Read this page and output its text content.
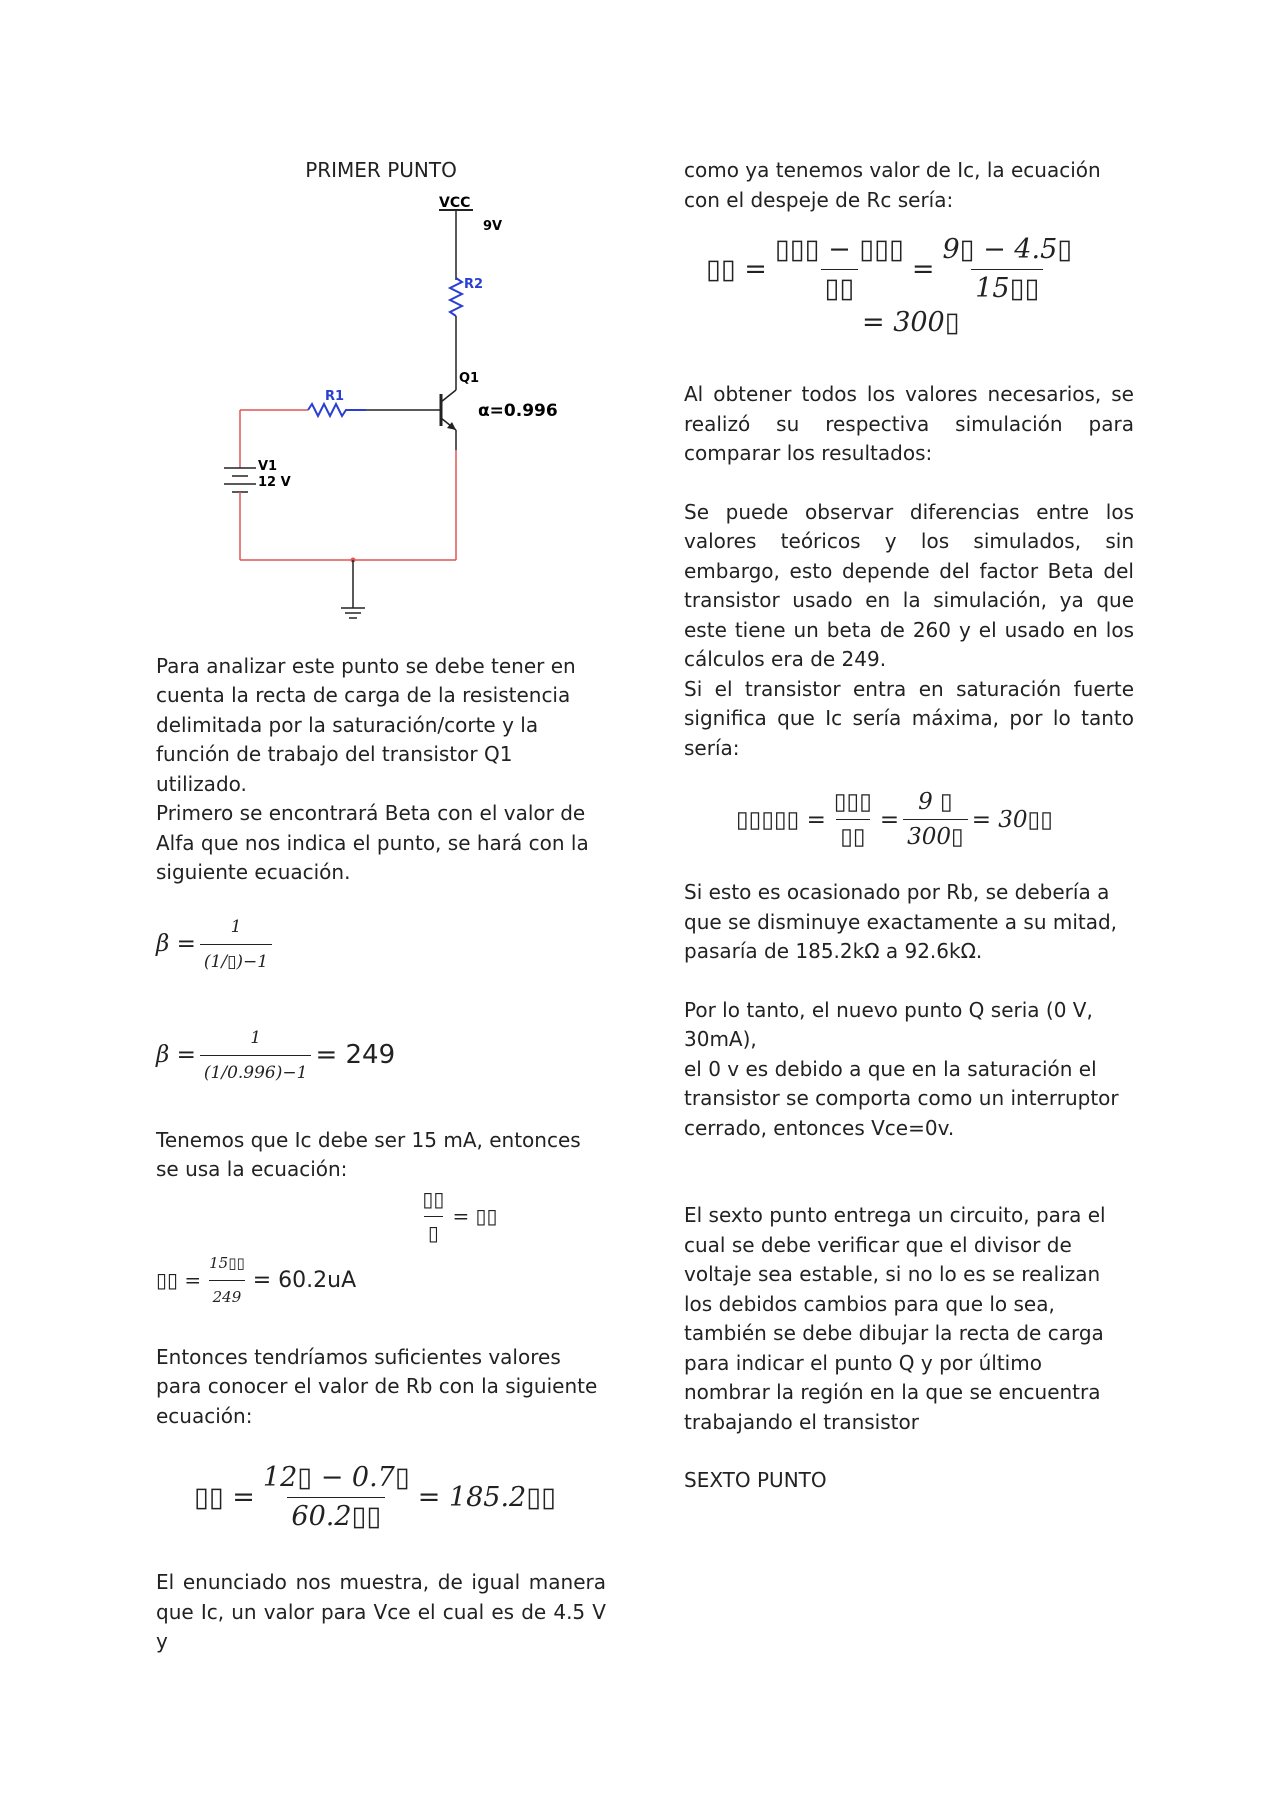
PRIMER PUNTO

VCC
9V
R2
Q1
α=0.996
R1
V1
12 V

Para analizar este punto se debe tener en cuenta la recta de carga de la resistencia delimitada por la saturación/corte y la función de trabajo del transistor Q1 utilizado.

Primero se encontrará Beta con el valor de Alfa que nos indica el punto, se hará con la siguiente ecuación.

$\beta = \frac{1}{(1/▯)-1}$
$\beta = \frac{1}{(1/0.996)-1} = 249$

Tenemos que Ic debe ser 15 mA, entonces se usa la ecuación:

$\frac{▯▯}{▯}$ = ▯▯
▯▯ = $\frac{15▯▯}{249} = 60.2uA$

Entonces tendríamos suficientes valores para conocer el valor de Rb con la siguiente ecuación:

▯▯ = $\frac{12▯ - 0.7▯}{60.2▯▯}$ = 185.2▯▯

El enunciado nos muestra, de igual manera que Ic, un valor para Vce el cual es de 4.5 V y

como ya tenemos valor de Ic, la ecuación con el despeje de Rc sería:

▯▯ = $\frac{▯▯▯ - ▯▯▯}{▯▯} = \frac{9▯ - 4.5▯}{15▯▯}$
= 300▯

Al obtener todos los valores necesarios, se realizó su respectiva simulación para comparar los resultados:

Se puede observar diferencias entre los valores teóricos y los simulados, sin embargo, esto depende del factor Beta del transistor usado en la simulación, ya que este tiene un beta de 260 y el usado en los cálculos era de 249.

Si el transistor entra en saturación fuerte significa que Ic sería máxima, por lo tanto sería:

▯▯▯▯▯ = $\frac{▯▯▯}{▯▯} = \frac{9 ▯}{300▯}$ = 30▯▯

Si esto es ocasionado por Rb, se debería a que se disminuye exactamente a su mitad, pasaría de 185.2kΩ a 92.6kΩ.

Por lo tanto, el nuevo punto Q seria (0 V, 30mA),

el 0 v es debido a que en la saturación el transistor se comporta como un interruptor cerrado, entonces Vce=0v.

El sexto punto entrega un circuito, para el cual se debe verificar que el divisor de voltaje sea estable, si no lo es se realizan los debidos cambios para que lo sea, también se debe dibujar la recta de carga para indicar el punto Q y por último nombrar la región en la que se encuentra trabajando el transistor

SEXTO PUNTO
